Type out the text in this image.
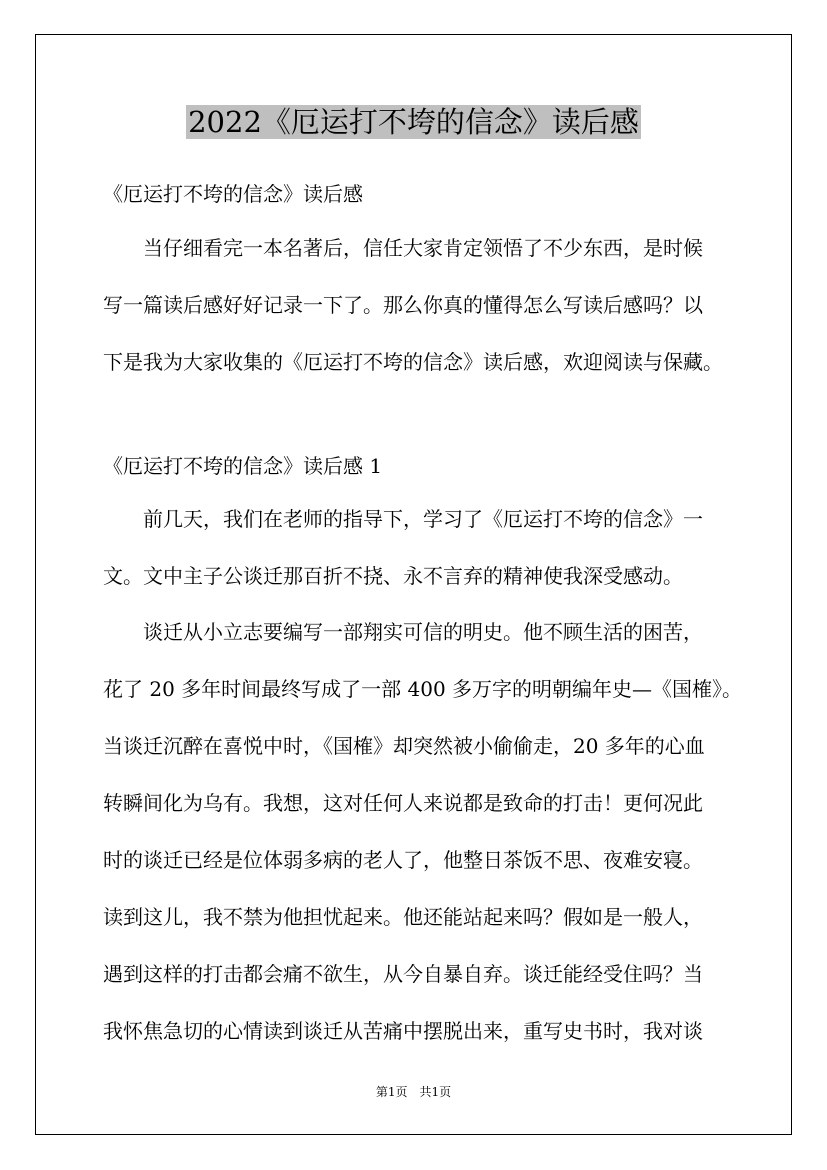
2022《厄运打不垮的信念》读后感
《厄运打不垮的信念》读后感
　　当仔细看完一本名著后，信任大家肯定领悟了不少东西，是时候
写一篇读后感好好记录一下了。那么你真的懂得怎么写读后感吗？以
下是我为大家收集的《厄运打不垮的信念》读后感，欢迎阅读与保藏。
《厄运打不垮的信念》读后感 1
　　前几天，我们在老师的指导下，学习了《厄运打不垮的信念》一
文。文中主子公谈迁那百折不挠、永不言弃的精神使我深受感动。
　　谈迁从小立志要编写一部翔实可信的明史。他不顾生活的困苦，
花了 20 多年时间最终写成了一部 400 多万字的明朝编年史—《国榷》。
当谈迁沉醉在喜悦中时，《国榷》却突然被小偷偷走，20 多年的心血
转瞬间化为乌有。我想，这对任何人来说都是致命的打击！更何况此
时的谈迁已经是位体弱多病的老人了，他整日茶饭不思、夜难安寝。
读到这儿，我不禁为他担忧起来。他还能站起来吗？假如是一般人，
遇到这样的打击都会痛不欲生，从今自暴自弃。谈迁能经受住吗？当
我怀焦急切的心情读到谈迁从苦痛中摆脱出来，重写史书时，我对谈
第1页　共1页
